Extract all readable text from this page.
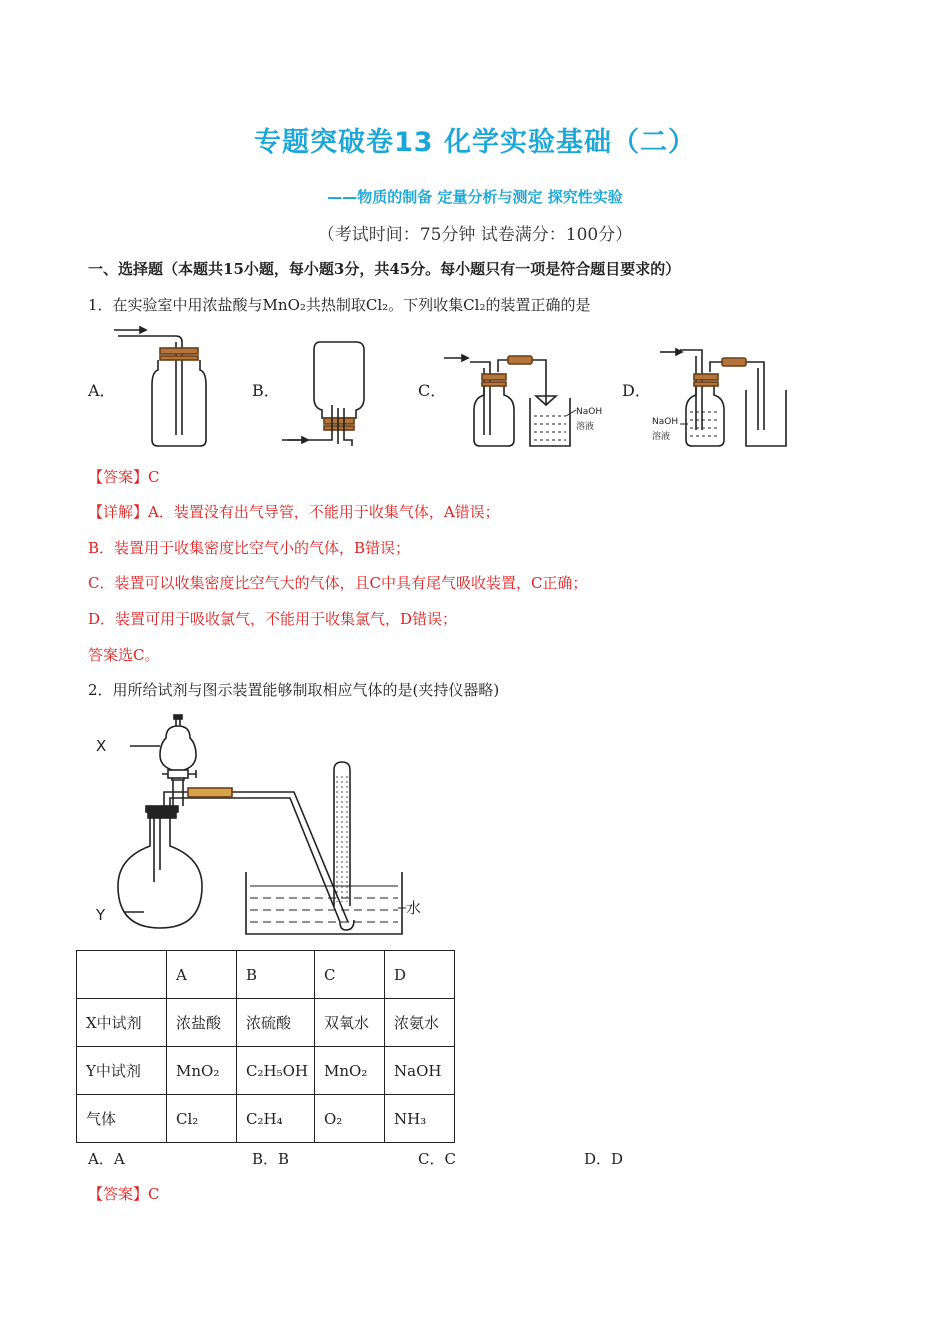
专题突破卷13 化学实验基础（二）
——物质的制备 定量分析与测定 探究性实验
（考试时间：75分钟 试卷满分：100分）
一、选择题（本题共15小题，每小题3分，共45分。每小题只有一项是符合题目要求的）
1．在实验室中用浓盐酸与MnO₂共热制取Cl₂。下列收集Cl₂的装置正确的是
A．	B．	C．	D．
NaOH
溶液	NaOH
溶液
【答案】C
【详解】A．装置没有出气导管，不能用于收集气体，A错误；
B．装置用于收集密度比空气小的气体，B错误；
C．装置可以收集密度比空气大的气体，且C中具有尾气吸收装置，C正确；
D．装置可用于吸收氯气，不能用于收集氯气，D错误；
答案选C。
2．用所给试剂与图示装置能够制取相应气体的是(夹持仪器略)
X
Y	水
	A	B	C	D
X中试剂	浓盐酸	浓硫酸	双氧水	浓氨水
Y中试剂	MnO₂	C₂H₅OH	MnO₂	NaOH
气体	Cl₂	C₂H₄	O₂	NH₃
A．A	B．B	C．C	D．D
【答案】C
